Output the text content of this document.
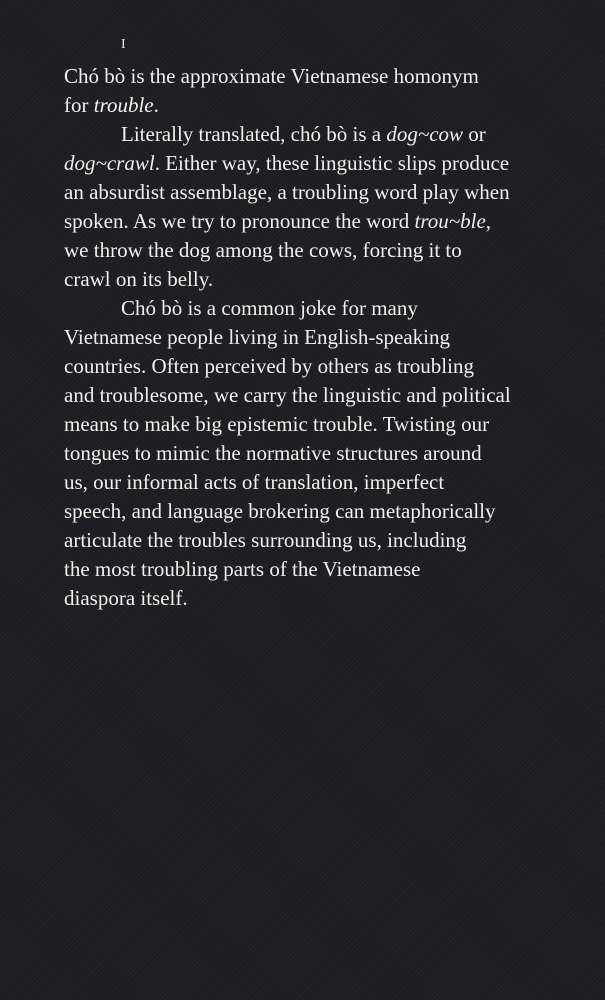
I
Chó bò is the approximate Vietnamese homonym
for trouble.
Literally translated, chó bò is a dog~cow or
dog~crawl. Either way, these linguistic slips produce
an absurdist assemblage, a troubling word play when
spoken. As we try to pronounce the word trou~ble,
we throw the dog among the cows, forcing it to
crawl on its belly.
Chó bò is a common joke for many
Vietnamese people living in English-speaking
countries. Often perceived by others as troubling
and troublesome, we carry the linguistic and political
means to make big epistemic trouble. Twisting our
tongues to mimic the normative structures around
us, our informal acts of translation, imperfect
speech, and language brokering can metaphorically
articulate the troubles surrounding us, including
the most troubling parts of the Vietnamese
diaspora itself.
